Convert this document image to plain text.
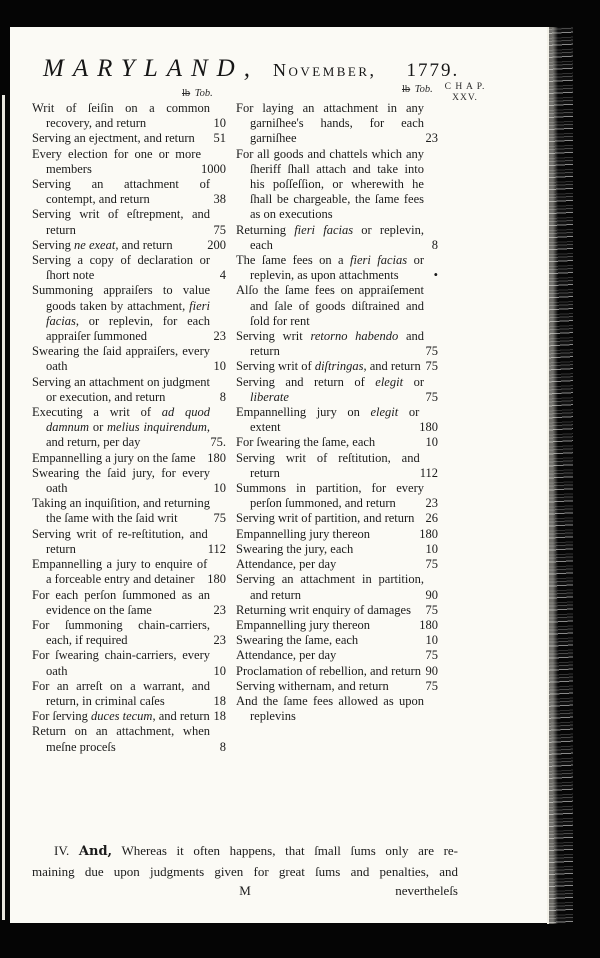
MARYLAND, November, 1779.
lb Tob.	lb Tob.	C H A P.
XXV.
Writ of ſeiſin on a common recovery, and return	10
Serving an ejectment, and return	51
Every election for one or more members	1000
Serving an attachment of contempt, and return	38
Serving writ of eſtrepment, and return	75
Serving ne exeat, and return	200
Serving a copy of declaration or ſhort note	4
Summoning appraiſers to value goods taken by attachment, fieri facias, or replevin, for each appraiſer ſummoned	23
Swearing the ſaid appraiſers, every oath	10
Serving an attachment on judgment or execution, and return	8
Executing a writ of ad quod damnum or melius inquirendum, and return, per day	75.
Empannelling a jury on the ſame 180
Swearing the ſaid jury, for every oath	10
Taking an inquiſition, and returning the ſame with the ſaid writ	75
Serving writ of re-reſtitution, and return	112
Empannelling a jury to enquire of a forceable entry and detainer	180
For each perſon ſummoned as an evidence on the ſame	23
For ſummoning chain-carriers, each, if required	23
For ſwearing chain-carriers, every oath	10
For an arreſt on a warrant, and return, in criminal caſes	18
For ſerving duces tecum, and return 18
Return on an attachment, when meſne proceſs	8
For laying an attachment in any garniſhee's hands, for each garniſhee	23
For all goods and chattels which any ſheriff ſhall attach and take into his poſſeſſion, or wherewith he ſhall be chargeable, the ſame fees as on executions
Returning fieri facias or replevin, each	8
The ſame fees on a fieri facias or replevin, as upon attachments	•
Alſo the ſame fees on appraiſement and ſale of goods diſtrained and ſold for rent
Serving writ retorno habendo and return	75
Serving writ of diſtringas, and return 75
Serving and return of elegit or liberate	75
Empannelling jury on elegit or extent	180
For ſwearing the ſame, each	10
Serving writ of reſtitution, and return	112
Summons in partition, for every perſon ſummoned, and return	23
Serving writ of partition, and return 26
Empannelling jury thereon	180
Swearing the jury, each	10
Attendance, per day	75
Serving an attachment in partition, and return	90
Returning writ enquiry of damages	75
Empannelling jury thereon	180
Swearing the ſame, each	10
Attendance, per day	75
Proclamation of rebellion, and return 90
Serving withernam, and return	75
And the ſame fees allowed as upon replevins
IV. And, Whereas it often happens, that ſmall ſums only are re-
maining due upon judgments given for great ſums and penalties, and
M	nevertheleſs
